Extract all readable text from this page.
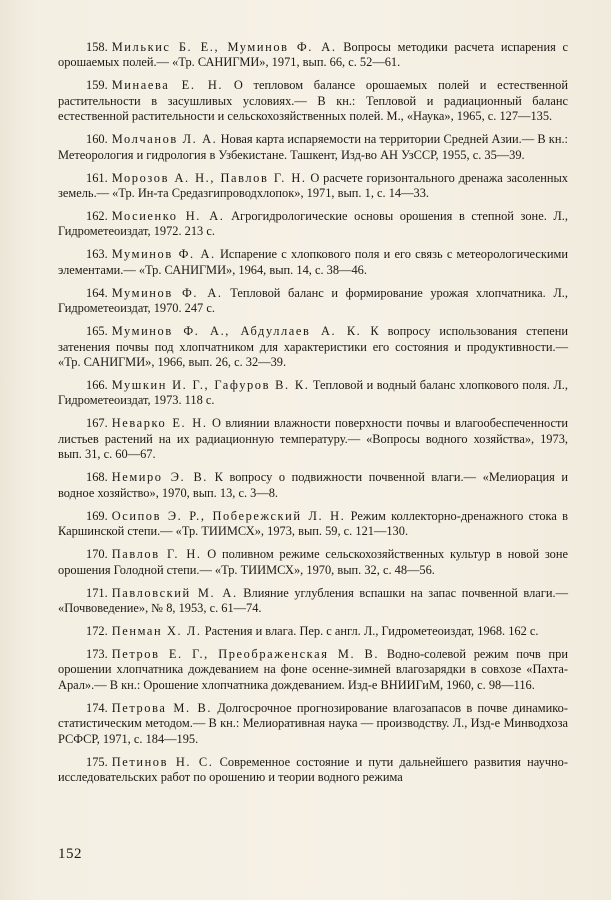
158. Милькис Б. Е., Муминов Ф. А. Вопросы методики расчета испарения с орошаемых полей.— «Тр. САНИГМИ», 1971, вып. 66, с. 52—61.

159. Минаева Е. Н. О тепловом балансе орошаемых полей и естественной растительности в засушливых условиях.— В кн.: Тепловой и радиационный баланс естественной растительности и сельскохозяйственных полей. М., «Наука», 1965, с. 127—135.

160. Молчанов Л. А. Новая карта испаряемости на территории Средней Азии.— В кн.: Метеорология и гидрология в Узбекистане. Ташкент, Изд-во АН УзССР, 1955, с. 35—39.

161. Морозов А. Н., Павлов Г. Н. О расчете горизонтального дренажа засоленных земель.— «Тр. Ин-та Средазгипроводхлопок», 1971, вып. 1, с. 14—33.

162. Мосиенко Н. А. Агрогидрологические основы орошения в степной зоне. Л., Гидрометеоиздат, 1972. 213 с.

163. Муминов Ф. А. Испарение с хлопкового поля и его связь с метеорологическими элементами.— «Тр. САНИГМИ», 1964, вып. 14, с. 38—46.

164. Муминов Ф. А. Тепловой баланс и формирование урожая хлопчатника. Л., Гидрометеоиздат, 1970. 247 с.

165. Муминов Ф. А., Абдуллаев А. К. К вопросу использования степени затенения почвы под хлопчатником для характеристики его состояния и продуктивности.— «Тр. САНИГМИ», 1966, вып. 26, с. 32—39.

166. Мушкин И. Г., Гафуров В. К. Тепловой и водный баланс хлопкового поля. Л., Гидрометеоиздат, 1973. 118 с.

167. Неварко Е. Н. О влиянии влажности поверхности почвы и влагообеспеченности листьев растений на их радиационную температуру.— «Вопросы водного хозяйства», 1973, вып. 31, с. 60—67.

168. Немиро Э. В. К вопросу о подвижности почвенной влаги.— «Мелиорация и водное хозяйство», 1970, вып. 13, с. 3—8.

169. Осипов Э. Р., Побережский Л. Н. Режим коллекторно-дренажного стока в Каршинской степи.— «Тр. ТИИМСХ», 1973, вып. 59, с. 121—130.

170. Павлов Г. Н. О поливном режиме сельскохозяйственных культур в новой зоне орошения Голодной степи.— «Тр. ТИИМСХ», 1970, вып. 32, с. 48—56.

171. Павловский М. А. Влияние углубления вспашки на запас почвенной влаги.— «Почвоведение», № 8, 1953, с. 61—74.

172. Пенман Х. Л. Растения и влага. Пер. с англ. Л., Гидрометеоиздат, 1968. 162 с.

173. Петров Е. Г., Преображенская М. В. Водно-солевой режим почв при орошении хлопчатника дождеванием на фоне осенне-зимней влагозарядки в совхозе «Пахта-Арал».— В кн.: Орошение хлопчатника дождеванием. Изд-е ВНИИГиМ, 1960, с. 98—116.

174. Петрова М. В. Долгосрочное прогнозирование влагозапасов в почве динамико-статистическим методом.— В кн.: Мелиоративная наука — производству. Л., Изд-е Минводхоза РСФСР, 1971, с. 184—195.

175. Петинов Н. С. Современное состояние и пути дальнейшего развития научно-исследовательских работ по орошению и теории водного режима

152
